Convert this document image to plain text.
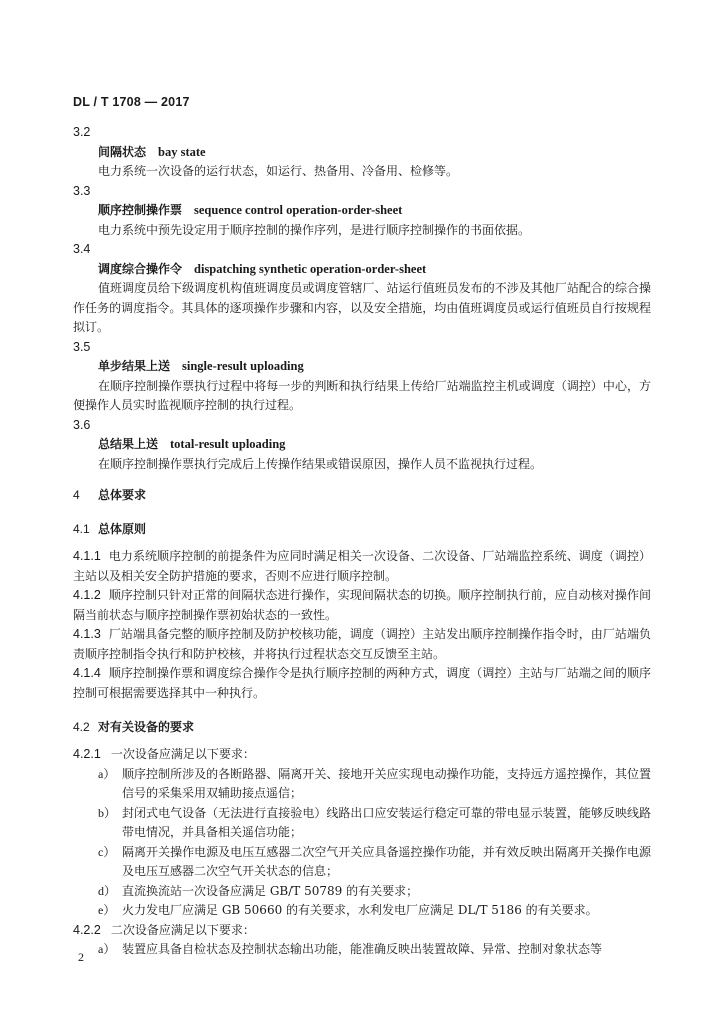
DL / T 1708 — 2017
3.2
间隔状态 bay state
电力系统一次设备的运行状态，如运行、热备用、冷备用、检修等。
3.3
顺序控制操作票 sequence control operation-order-sheet
电力系统中预先设定用于顺序控制的操作序列，是进行顺序控制操作的书面依据。
3.4
调度综合操作令 dispatching synthetic operation-order-sheet
值班调度员给下级调度机构值班调度员或调度管辖厂、站运行值班员发布的不涉及其他厂站配合的综合操作任务的调度指令。其具体的逐项操作步骤和内容，以及安全措施，均由值班调度员或运行值班员自行按规程拟订。
3.5
单步结果上送 single-result uploading
在顺序控制操作票执行过程中将每一步的判断和执行结果上传给厂站端监控主机或调度（调控）中心，方便操作人员实时监视顺序控制的执行过程。
3.6
总结果上送 total-result uploading
在顺序控制操作票执行完成后上传操作结果或错误原因，操作人员不监视执行过程。
4 总体要求
4.1 总体原则
4.1.1 电力系统顺序控制的前提条件为应同时满足相关一次设备、二次设备、厂站端监控系统、调度（调控）主站以及相关安全防护措施的要求，否则不应进行顺序控制。
4.1.2 顺序控制只针对正常的间隔状态进行操作，实现间隔状态的切换。顺序控制执行前，应自动核对操作间隔当前状态与顺序控制操作票初始状态的一致性。
4.1.3 厂站端具备完整的顺序控制及防护校核功能，调度（调控）主站发出顺序控制操作指令时，由厂站端负责顺序控制指令执行和防护校核，并将执行过程状态交互反馈至主站。
4.1.4 顺序控制操作票和调度综合操作令是执行顺序控制的两种方式，调度（调控）主站与厂站端之间的顺序控制可根据需要选择其中一种执行。
4.2 对有关设备的要求
4.2.1 一次设备应满足以下要求：
a） 顺序控制所涉及的各断路器、隔离开关、接地开关应实现电动操作功能，支持远方遥控操作，其位置信号的采集采用双辅助接点遥信；
b） 封闭式电气设备（无法进行直接验电）线路出口应安装运行稳定可靠的带电显示装置，能够反映线路带电情况，并具备相关遥信功能；
c） 隔离开关操作电源及电压互感器二次空气开关应具备遥控操作功能，并有效反映出隔离开关操作电源及电压互感器二次空气开关状态的信息；
d） 直流换流站一次设备应满足 GB/T 50789 的有关要求；
e） 火力发电厂应满足 GB 50660 的有关要求，水利发电厂应满足 DL/T 5186 的有关要求。
4.2.2 二次设备应满足以下要求：
a） 装置应具备自检状态及控制状态输出功能，能准确反映出装置故障、异常、控制对象状态等
2
